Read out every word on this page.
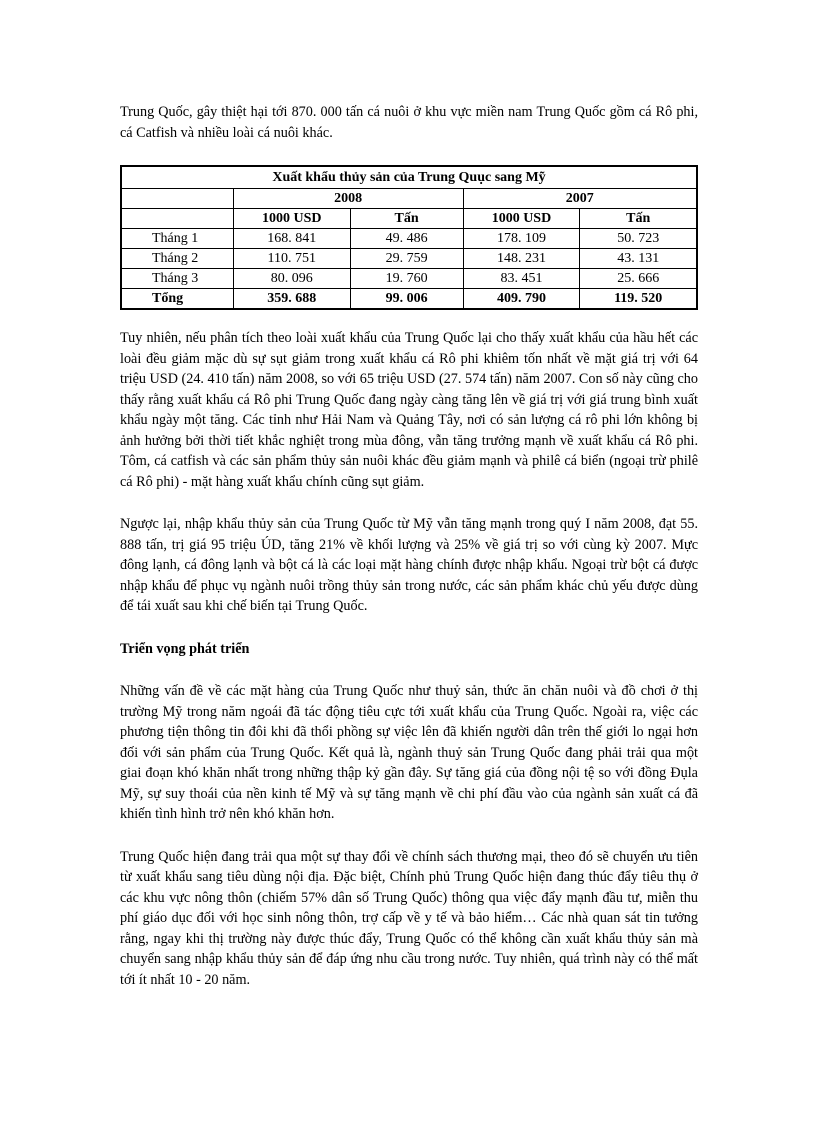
Trung Quốc, gây thiệt hại tới 870. 000 tấn cá nuôi ở khu vực miền nam Trung Quốc gồm cá Rô phi, cá Catfish và nhiều loài cá nuôi khác.

Xuất khẩu thủy sản của Trung Quục sang Mỹ				
	2008		2007	
	1000 USD	Tấn	1000 USD	Tấn
Tháng 1	168. 841	49. 486	178. 109	50. 723
Tháng 2	110. 751	29. 759	148. 231	43. 131
Tháng 3	80. 096	19. 760	83. 451	25. 666
Tổng	359. 688	99. 006	409. 790	119. 520

Tuy nhiên, nếu phân tích theo loài xuất khẩu của Trung Quốc lại cho thấy xuất khẩu của hầu hết các loài đều giảm mặc dù sự sụt giảm trong xuất khẩu cá Rô phi khiêm tốn nhất về mặt giá trị với 64 triệu USD (24. 410 tấn) năm 2008, so với 65 triệu USD (27. 574 tấn) năm 2007. Con số này cũng cho thấy rằng xuất khẩu cá Rô phi Trung Quốc đang ngày càng tăng lên về giá trị với giá trung bình xuất khẩu ngày một tăng. Các tỉnh như Hải Nam và Quảng Tây, nơi có sản lượng cá rô phi lớn không bị ảnh hưởng bởi thời tiết khắc nghiệt trong mùa đông, vẫn tăng trưởng mạnh về xuất khẩu cá Rô phi. Tôm, cá catfish và các sản phẩm thủy sản nuôi khác đều giảm mạnh và philê cá biển (ngoại trừ philê cá Rô phi) - mặt hàng xuất khẩu chính cũng sụt giảm.

Ngược lại, nhập khẩu thủy sản của Trung Quốc từ Mỹ vẫn tăng mạnh trong quý I năm 2008, đạt 55. 888 tấn, trị giá 95 triệu ÚD, tăng 21% về khối lượng và 25% về giá trị so với cùng kỳ 2007. Mực đông lạnh, cá đông lạnh và bột cá là các loại mặt hàng chính được nhập khẩu. Ngoại trừ bột cá được nhập khẩu để phục vụ ngành nuôi trồng thủy sản trong nước, các sản phẩm khác chủ yếu được dùng để tái xuất sau khi chế biến tại Trung Quốc.

Triển vọng phát triển

Những vấn đề về các mặt hàng của Trung Quốc như thuỷ sản, thức ăn chăn nuôi và đồ chơi ở thị trường Mỹ trong năm ngoái đã tác động tiêu cực tới xuất khẩu của Trung Quốc. Ngoài ra, việc các phương tiện thông tin đôi khi đã thổi phồng sự việc lên đã khiến người dân trên thế giới lo ngại hơn đối với sản phẩm của Trung Quốc. Kết quả là, ngành thuỷ sản Trung Quốc đang phải trải qua một giai đoạn khó khăn nhất trong những thập kỷ gần đây. Sự tăng giá của đồng nội tệ so với đồng Đụla Mỹ, sự suy thoái của nền kinh tế Mỹ và sự tăng mạnh về chi phí đầu vào của ngành sản xuất cá đã khiến tình hình trở nên khó khăn hơn.

Trung Quốc hiện đang trải qua một sự thay đổi về chính sách thương mại, theo đó sẽ chuyển ưu tiên từ xuất khẩu sang tiêu dùng nội địa. Đặc biệt, Chính phủ Trung Quốc hiện đang thúc đẩy tiêu thụ ở các khu vực nông thôn (chiếm 57% dân số Trung Quốc) thông qua việc đẩy mạnh đầu tư, miễn thu phí giáo dục đối với học sinh nông thôn, trợ cấp về y tế và bảo hiểm… Các nhà quan sát tin tưởng rằng, ngay khi thị trường này được thúc đẩy, Trung Quốc có thể không cần xuất khẩu thủy sản mà chuyển sang nhập khẩu thủy sản để đáp ứng nhu cầu trong nước. Tuy nhiên, quá trình này có thể mất tới ít nhất 10 - 20 năm.
